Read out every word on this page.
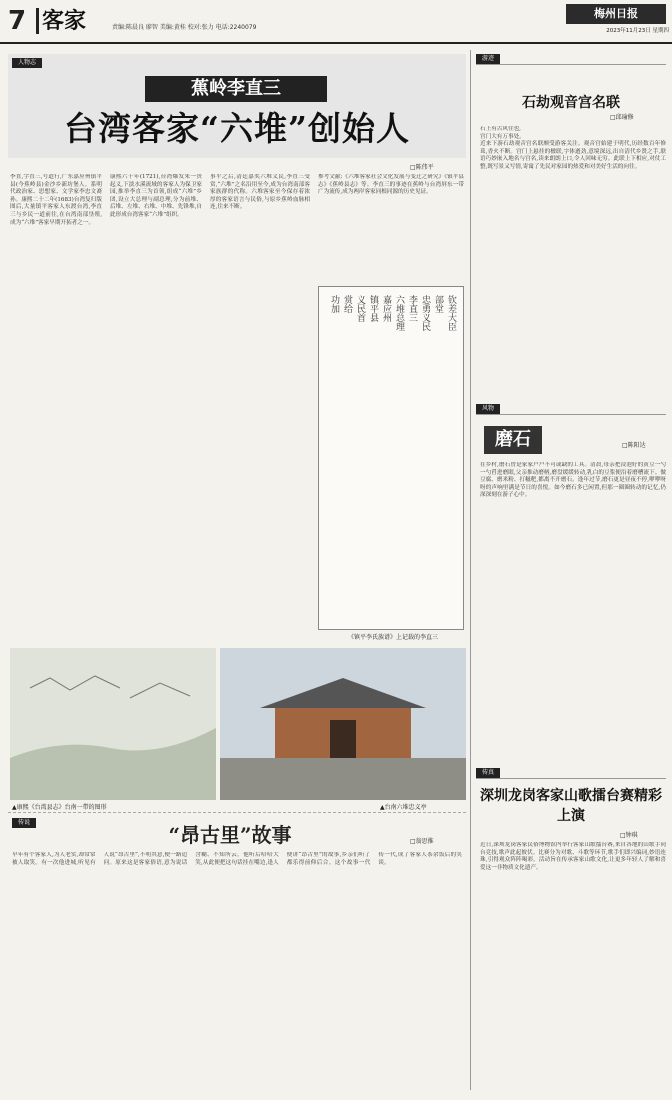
7 客家	责编:陈晨良 廖智 美编:黄桂 校对:张力 电话:2240079
梅州日报
2023年11月23日 星期四
人物志
蕉岭李直三
台湾客家“六堆”创始人
□陈伟平
李直,字直三,号道行,广东嘉应州镇平县(今蕉岭县)金沙乡新坊堡人。系明代政治家、思想家、文学家李忠文裔孙。康熙二十二年(1683)台湾复归版图后,大量镇平客家人东渡台湾,李直三与乡民一道前往,在台湾南部垦殖,成为“六堆”客家早期开拓者之一。
康熙六十年(1721),台湾爆发朱一贵起义,下淡水溪流域的客家人为保卫家园,推举李直三为首领,组成“六堆”乡团,设立大总理与副总理,分为前堆、后堆、左堆、右堆、中堆、先锋堆,自此形成台湾客家“六堆”组织。
事平之后,清廷嘉奖六堆义民,李直三受赏,“六堆”之名沿用至今,成为台湾南部客家族群的代称。六堆客家至今保存着浓厚的客家语言与民俗,与原乡蕉岭血脉相连,往来不断。
参考文献:《六堆客家社会文化发展与变迁之研究》《镇平县志》《蕉岭县志》等。李直三的事迹在蕉岭与台湾屏东一带广为流传,成为两岸客家同根同源的历史见证。
钦差大臣
部堂
忠勇义民
李直三
六堆总理
嘉应州
镇平县
义民首
赏给
功加
《镇平李氏族谱》上记载的李直三
▲康熙《台湾县志》台南一带的图形	▲台南六堆忠义亭
游迹
石劫观音宫名联
□邱瑜修
石上有古风往也,
宫门大有万事处。
近来下游石劫观音宫名联颇受游客关注。观音宫始建于明代,历经数百年修葺,香火不断。宫门上悬挂的楹联,字体遒劲,意境深远,出自清代乡贤之手,联语巧妙嵌入地名与宫名,读来朗朗上口,令人回味无穷。此联上下相应,对仗工整,既写景又写情,寄寓了先民对家园的热爱和对美好生活的向往。
风物
磨石	□陈阳达
在乡村,磨石曾是家家户户不可或缺的工具。清晨,母亲把浸泡好的黄豆一勺一勺舀进磨眼,父亲推动磨柄,磨盘缓缓转动,乳白的豆浆便沿着磨槽流下。做豆腐、磨米粉、打糍粑,都离不开磨石。逢年过节,磨石更是昼夜不停,咿咿呀呀的声响里满是节日的喜悦。如今磨石多已闲置,但那一圈圈转动的记忆,仍深深刻在游子心中。
传真
深圳龙岗客家山歌擂台赛精彩上演
□钟琪
近日,深圳龙岗客家民俗博物馆内举行客家山歌擂台赛,来自各地的山歌手同台竞技,歌声此起彼伏。比赛分为对歌、斗歌等环节,歌手们即兴编词,妙语连珠,引得观众阵阵喝彩。活动旨在传承客家山歌文化,让更多年轻人了解和喜爱这一非物质文化遗产。
传说
“昂古里”故事	□翁思推
早年有个客家人,为人老实,却常常被人取笑。有一次他进城,听见有人说“昂古里”,不明其意,便一路追问。原来这是客家俗语,意为说话含糊、不知所云。他听后哈哈大笑,从此便把这句话挂在嘴边,逢人便讲“昂古里”的故事,乡亲们听了都乐得前仰后合。这个故事一代传一代,成了客家人茶余饭后的笑谈。
